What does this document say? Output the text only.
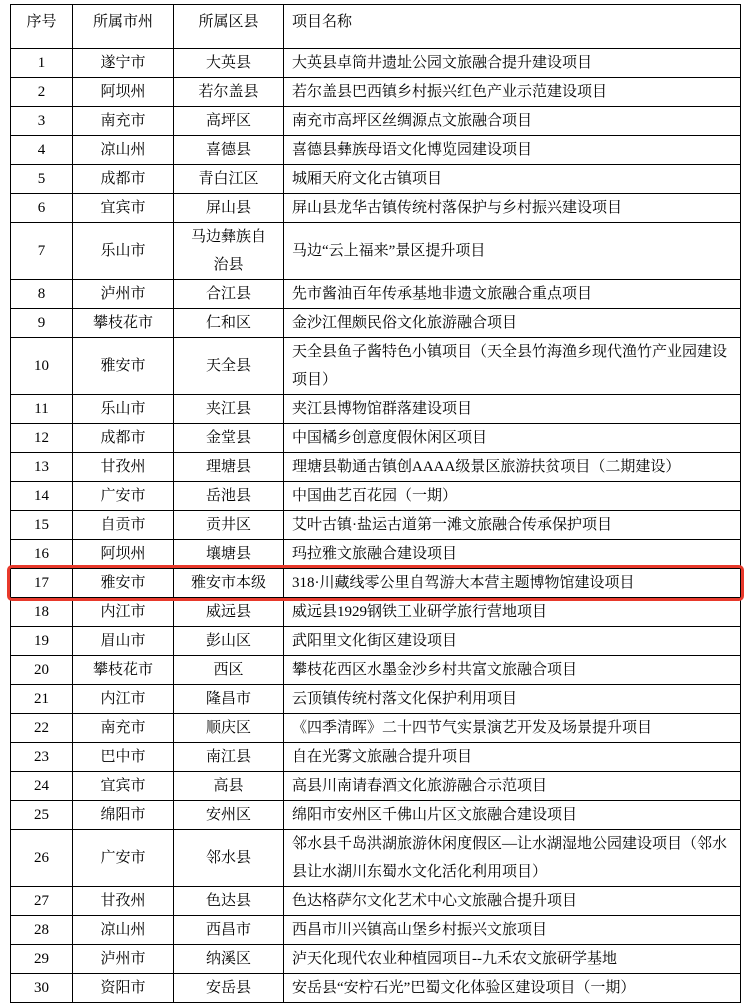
序号	所属市州	所属区县	项目名称
1	遂宁市	大英县	大英县卓筒井遗址公园文旅融合提升建设项目
2	阿坝州	若尔盖县	若尔盖县巴西镇乡村振兴红色产业示范建设项目
3	南充市	高坪区	南充市高坪区丝绸源点文旅融合项目
4	凉山州	喜德县	喜德县彝族母语文化博览园建设项目
5	成都市	青白江区	城厢天府文化古镇项目
6	宜宾市	屏山县	屏山县龙华古镇传统村落保护与乡村振兴建设项目
7	乐山市	马边彝族自治县	马边“云上福来”景区提升项目
8	泸州市	合江县	先市酱油百年传承基地非遗文旅融合重点项目
9	攀枝花市	仁和区	金沙江俚颇民俗文化旅游融合项目
10	雅安市	天全县	天全县鱼子酱特色小镇项目（天全县竹海渔乡现代渔竹产业园建设项目）
11	乐山市	夹江县	夹江县博物馆群落建设项目
12	成都市	金堂县	中国橘乡创意度假休闲区项目
13	甘孜州	理塘县	理塘县勒通古镇创AAAA级景区旅游扶贫项目（二期建设）
14	广安市	岳池县	中国曲艺百花园（一期）
15	自贡市	贡井区	艾叶古镇·盐运古道第一滩文旅融合传承保护项目
16	阿坝州	壤塘县	玛拉雅文旅融合建设项目
17	雅安市	雅安市本级	318·川藏线零公里自驾游大本营主题博物馆建设项目
18	内江市	威远县	威远县1929钢铁工业研学旅行营地项目
19	眉山市	彭山区	武阳里文化街区建设项目
20	攀枝花市	西区	攀枝花西区水墨金沙乡村共富文旅融合项目
21	内江市	隆昌市	云顶镇传统村落文化保护利用项目
22	南充市	顺庆区	《四季清晖》二十四节气实景演艺开发及场景提升项目
23	巴中市	南江县	自在光雾文旅融合提升项目
24	宜宾市	高县	高县川南请春酒文化旅游融合示范项目
25	绵阳市	安州区	绵阳市安州区千佛山片区文旅融合建设项目
26	广安市	邻水县	邻水县千岛洪湖旅游休闲度假区—让水湖湿地公园建设项目（邻水县让水湖川东蜀水文化活化利用项目）
27	甘孜州	色达县	色达格萨尔文化艺术中心文旅融合提升项目
28	凉山州	西昌市	西昌市川兴镇高山堡乡村振兴文旅项目
29	泸州市	纳溪区	泸天化现代农业种植园项目--九禾农文旅研学基地
30	资阳市	安岳县	安岳县“安柠石光”巴蜀文化体验区建设项目（一期）
